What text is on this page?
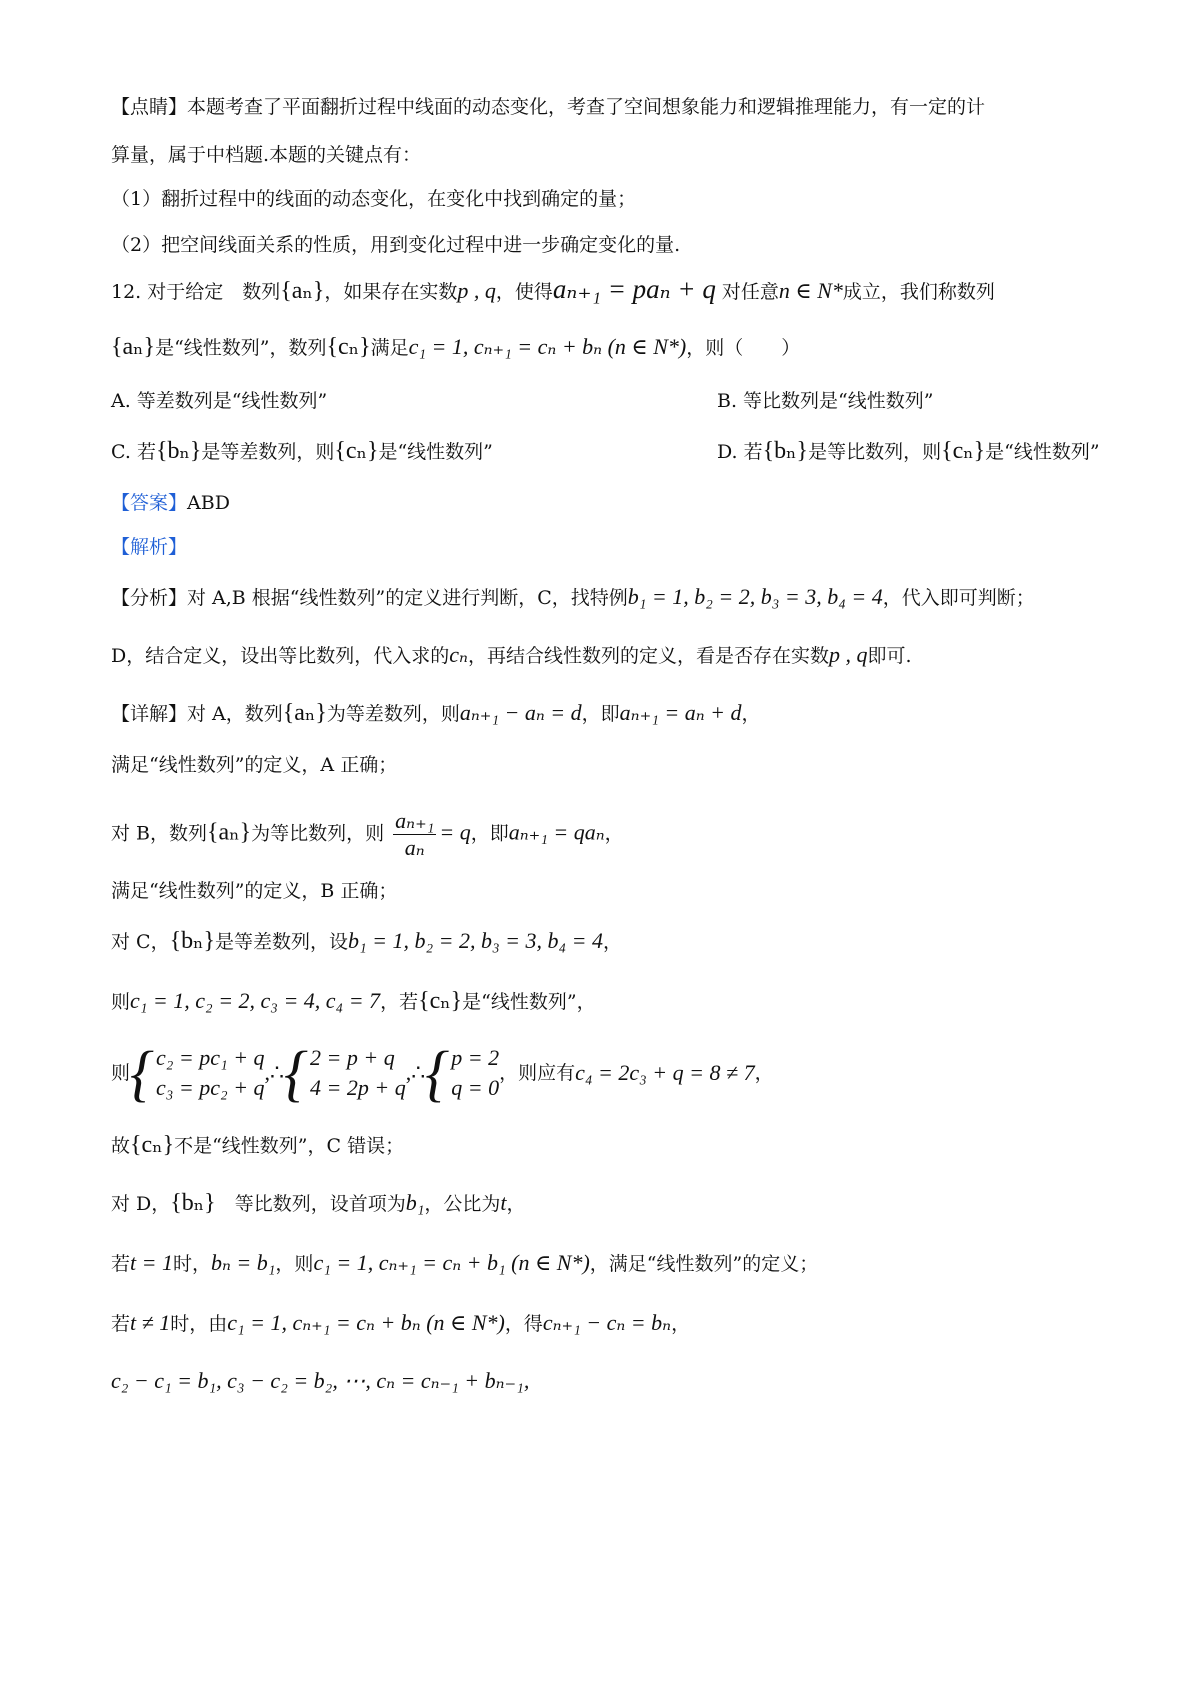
【点睛】本题考查了平面翻折过程中线面的动态变化，考查了空间想象能力和逻辑推理能力，有一定的计
算量，属于中档题.本题的关键点有：
（1）翻折过程中的线面的动态变化，在变化中找到确定的量；
（2）把空间线面关系的性质，用到变化过程中进一步确定变化的量.
12. 对于给定　数列{aₙ}，如果存在实数p , q，使得aₙ₊₁ = paₙ + q 对任意n ∈ N*成立，我们称数列
{aₙ}是“线性数列”，数列{cₙ}满足c₁ = 1, cₙ₊₁ = cₙ + bₙ (n ∈ N*)，则（　　）
A. 等差数列是“线性数列”	B. 等比数列是“线性数列”
C. 若{bₙ}是等差数列，则{cₙ}是“线性数列”	D. 若{bₙ}是等比数列，则{cₙ}是“线性数列”
【答案】ABD
【解析】
【分析】对 A,B 根据“线性数列”的定义进行判断，C，找特例b₁ = 1, b₂ = 2, b₃ = 3, b₄ = 4，代入即可判断；
D，结合定义，设出等比数列，代入求的cₙ，再结合线性数列的定义，看是否存在实数p , q即可.
【详解】对 A，数列{aₙ}为等差数列，则aₙ₊₁ − aₙ = d，即aₙ₊₁ = aₙ + d，
满足“线性数列”的定义，A 正确；
对 B，数列{aₙ}为等比数列，则 $\frac{\text{aₙ₊₁}}{\text{aₙ}} = q$，即aₙ₊₁ = qaₙ，
满足“线性数列”的定义，B 正确；
对 C，{bₙ}是等差数列，设b₁ = 1, b₂ = 2, b₃ = 3, b₄ = 4，
则c₁ = 1, c₂ = 2, c₃ = 4, c₄ = 7，若{cₙ}是“线性数列”，
则 { c₂ = pc₁ + q
c₃ = pc₂ + q
,∴ { 2 = p + q
4 = 2p + q
,∴ { p = 2
q = 0
，则应有 c₄ = 2c₃ + q = 8 ≠ 7 ，
故{cₙ}不是“线性数列”，C 错误；
对 D，{bₙ}　等比数列，设首项为b₁，公比为t，
若t = 1时，bₙ = b₁，则c₁ = 1, cₙ₊₁ = cₙ + b₁ (n ∈ N*)，满足“线性数列”的定义；
若t ≠ 1时，由c₁ = 1, cₙ₊₁ = cₙ + bₙ (n ∈ N*)，得cₙ₊₁ − cₙ = bₙ，
c₂ − c₁ = b₁, c₃ − c₂ = b₂, ⋯, cₙ = cₙ₋₁ + bₙ₋₁,
